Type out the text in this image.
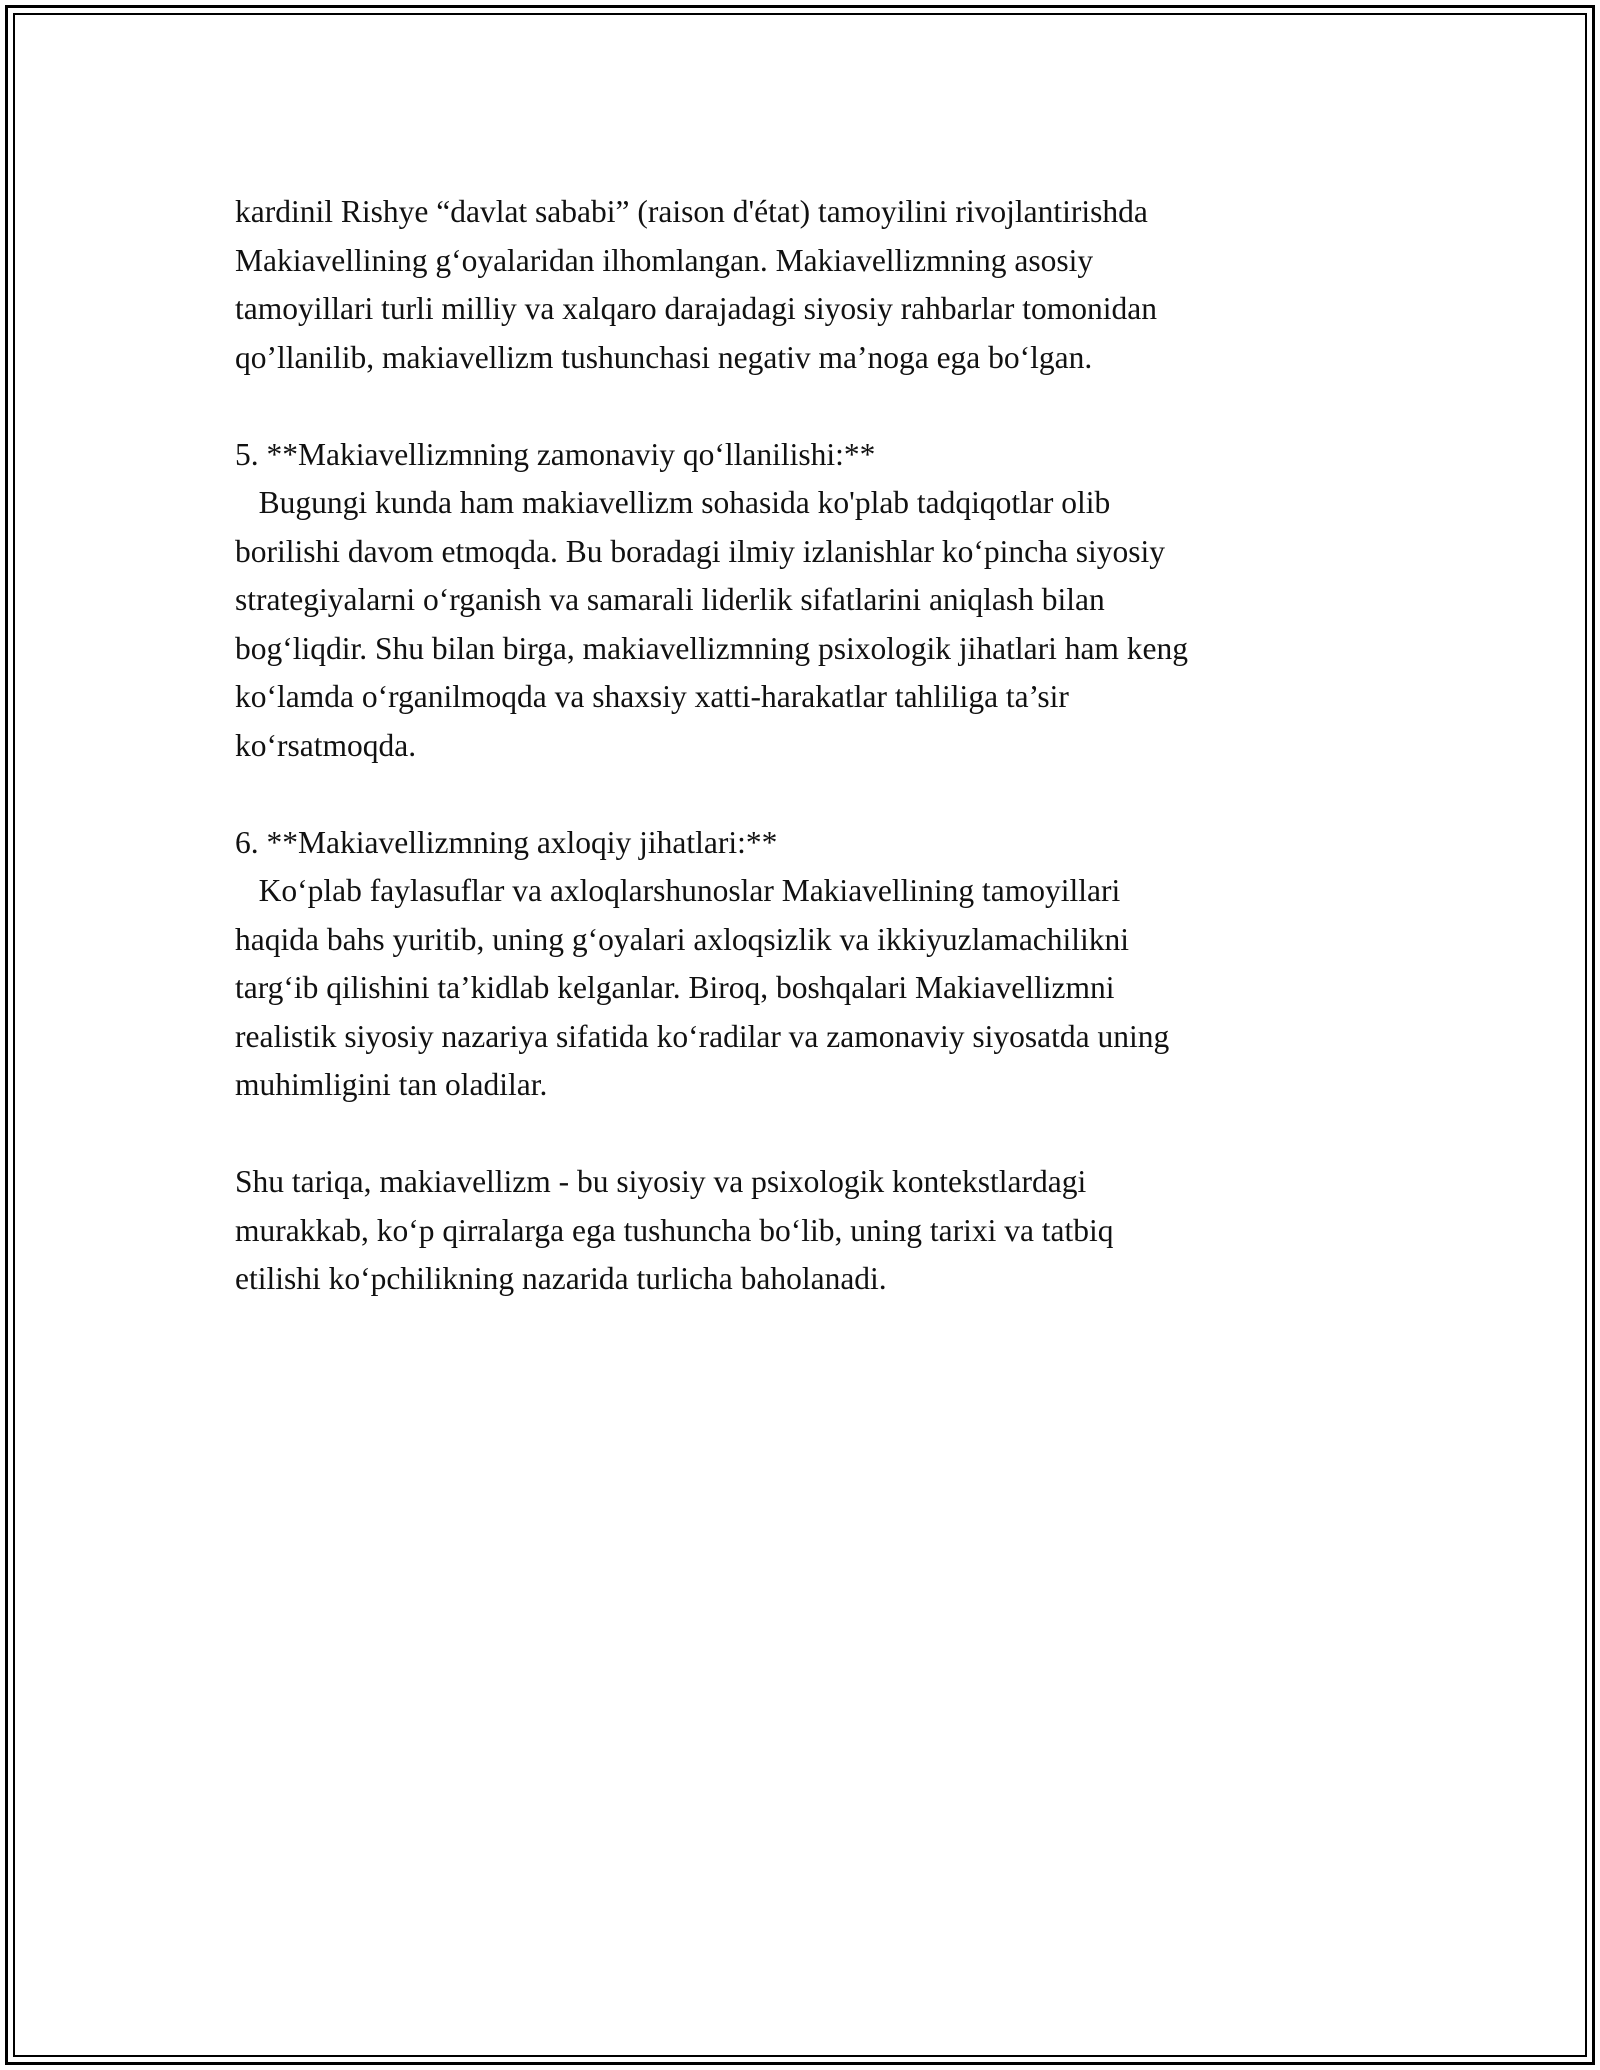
kardinil Rishye “davlat sababi” (raison d'état) tamoyilini rivojlantirishda
Makiavellining g‘oyalaridan ilhomlangan. Makiavellizmning asosiy
tamoyillari turli milliy va xalqaro darajadagi siyosiy rahbarlar tomonidan
qo’llanilib, makiavellizm tushunchasi negativ ma’noga ega bo‘lgan.
5. **Makiavellizmning zamonaviy qo‘llanilishi:**
Bugungi kunda ham makiavellizm sohasida ko'plab tadqiqotlar olib
borilishi davom etmoqda. Bu boradagi ilmiy izlanishlar ko‘pincha siyosiy
strategiyalarni o‘rganish va samarali liderlik sifatlarini aniqlash bilan
bog‘liqdir. Shu bilan birga, makiavellizmning psixologik jihatlari ham keng
ko‘lamda o‘rganilmoqda va shaxsiy xatti-harakatlar tahliliga ta’sir
ko‘rsatmoqda.
6. **Makiavellizmning axloqiy jihatlari:**
Ko‘plab faylasuflar va axloqlarshunoslar Makiavellining tamoyillari
haqida bahs yuritib, uning g‘oyalari axloqsizlik va ikkiyuzlamachilikni
targ‘ib qilishini ta’kidlab kelganlar. Biroq, boshqalari Makiavellizmni
realistik siyosiy nazariya sifatida ko‘radilar va zamonaviy siyosatda uning
muhimligini tan oladilar.
Shu tariqa, makiavellizm - bu siyosiy va psixologik kontekstlardagi
murakkab, ko‘p qirralarga ega tushuncha bo‘lib, uning tarixi va tatbiq
etilishi ko‘pchilikning nazarida turlicha baholanadi.
